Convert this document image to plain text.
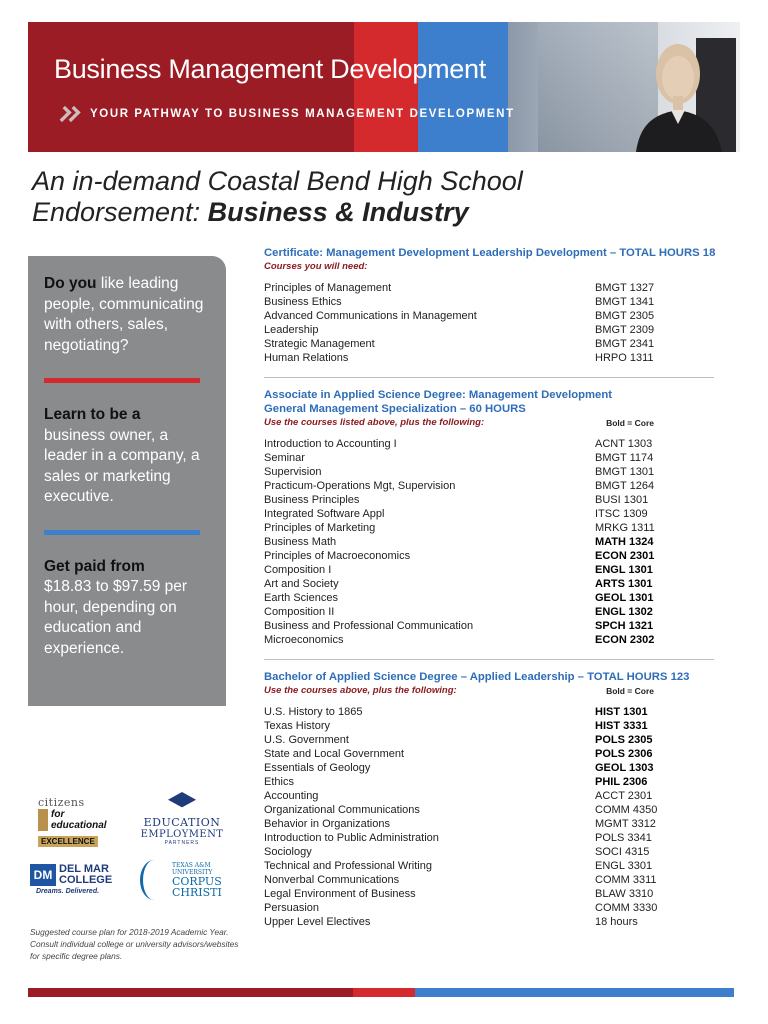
Business Management Development
YOUR PATHWAY TO BUSINESS MANAGEMENT DEVELOPMENT
An in-demand Coastal Bend High School
Endorsement: Business & Industry
Do you like leading people, communicating with others, sales, negotiating?
Learn to be a
business owner, a leader in a company, a sales or marketing executive.
Get paid from
$18.83 to $97.59 per hour, depending on education and experience.
citizens
for
educational
EXCELLENCE
EDUCATION
EMPLOYMENT
PARTNERS
DM DEL MAR
COLLEGE
Dreams. Delivered.
TEXAS A&M
UNIVERSITY
CORPUS
CHRISTI
Suggested course plan for 2018-2019 Academic Year. Consult individual college or university advisors/websites for specific degree plans.
Certificate: Management Development Leadership Development – TOTAL HOURS 18
Courses you will need:
Principles of Management	BMGT 1327
Business Ethics	BMGT 1341
Advanced Communications in Management	BMGT 2305
Leadership	BMGT 2309
Strategic Management	BMGT 2341
Human Relations	HRPO 1311
Associate in Applied Science Degree: Management Development
General Management Specialization – 60 HOURS
Use the courses listed above, plus the following:	Bold = Core
Introduction to Accounting I	ACNT 1303
Seminar	BMGT 1174
Supervision	BMGT 1301
Practicum-Operations Mgt, Supervision	BMGT 1264
Business Principles	BUSI 1301
Integrated Software Appl	ITSC 1309
Principles of Marketing	MRKG 1311
Business Math	MATH 1324
Principles of Macroeconomics	ECON 2301
Composition I	ENGL 1301
Art and Society	ARTS 1301
Earth Sciences	GEOL 1301
Composition II	ENGL 1302
Business and Professional Communication	SPCH 1321
Microeconomics	ECON 2302
Bachelor of Applied Science Degree – Applied Leadership – TOTAL HOURS 123
Use the courses above, plus the following:	Bold = Core
U.S. History to 1865	HIST 1301
Texas History	HIST 3331
U.S. Government	POLS 2305
State and Local Government	POLS 2306
Essentials of Geology	GEOL 1303
Ethics	PHIL 2306
Accounting	ACCT 2301
Organizational Communications	COMM 4350
Behavior in Organizations	MGMT 3312
Introduction to Public Administration	POLS 3341
Sociology	SOCI 4315
Technical and Professional Writing	ENGL 3301
Nonverbal Communications	COMM 3311
Legal Environment of Business	BLAW 3310
Persuasion	COMM 3330
Upper Level Electives	18 hours
